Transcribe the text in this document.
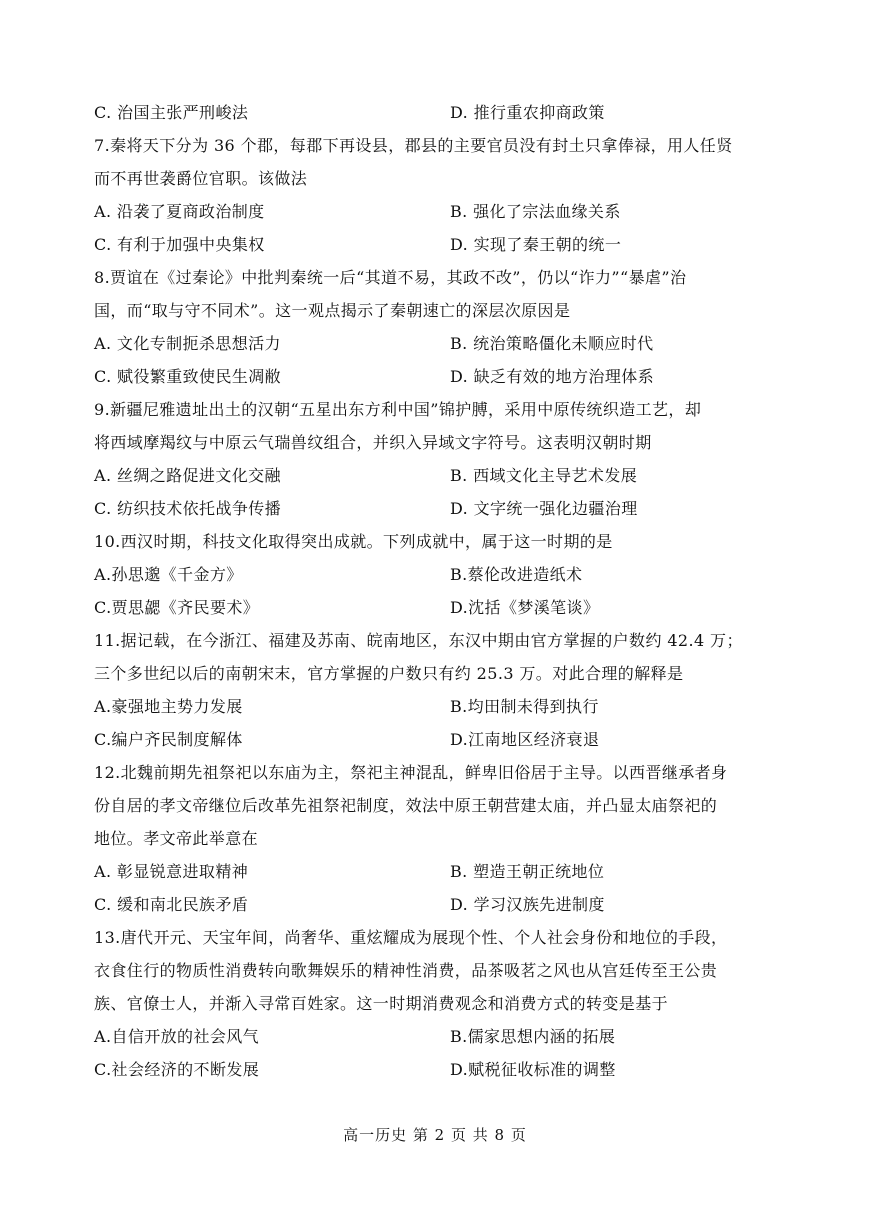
C. 治国主张严刑峻法	D. 推行重农抑商政策
7.秦将天下分为 36 个郡，每郡下再设县，郡县的主要官员没有封土只拿俸禄，用人任贤
而不再世袭爵位官职。该做法
A. 沿袭了夏商政治制度	B. 强化了宗法血缘关系
C. 有利于加强中央集权	D. 实现了秦王朝的统一
8.贾谊在《过秦论》中批判秦统一后“其道不易，其政不改”，仍以“诈力”“暴虐”治
国，而“取与守不同术”。这一观点揭示了秦朝速亡的深层次原因是
A. 文化专制扼杀思想活力	B. 统治策略僵化未顺应时代
C. 赋役繁重致使民生凋敝	D. 缺乏有效的地方治理体系
9.新疆尼雅遗址出土的汉朝“五星出东方利中国”锦护膊，采用中原传统织造工艺，却
将西域摩羯纹与中原云气瑞兽纹组合，并织入异域文字符号。这表明汉朝时期
A. 丝绸之路促进文化交融	B. 西域文化主导艺术发展
C. 纺织技术依托战争传播	D. 文字统一强化边疆治理
10.西汉时期，科技文化取得突出成就。下列成就中，属于这一时期的是
A.孙思邈《千金方》	B.蔡伦改进造纸术
C.贾思勰《齐民要术》	D.沈括《梦溪笔谈》
11.据记载，在今浙江、福建及苏南、皖南地区，东汉中期由官方掌握的户数约 42.4 万；
三个多世纪以后的南朝宋末，官方掌握的户数只有约 25.3 万。对此合理的解释是
A.豪强地主势力发展	B.均田制未得到执行
C.编户齐民制度解体	D.江南地区经济衰退
12.北魏前期先祖祭祀以东庙为主，祭祀主神混乱，鲜卑旧俗居于主导。以西晋继承者身
份自居的孝文帝继位后改革先祖祭祀制度，效法中原王朝营建太庙，并凸显太庙祭祀的
地位。孝文帝此举意在
A. 彰显锐意进取精神	B. 塑造王朝正统地位
C. 缓和南北民族矛盾	D. 学习汉族先进制度
13.唐代开元、天宝年间，尚奢华、重炫耀成为展现个性、个人社会身份和地位的手段，
衣食住行的物质性消费转向歌舞娱乐的精神性消费，品茶吸茗之风也从宫廷传至王公贵
族、官僚士人，并渐入寻常百姓家。这一时期消费观念和消费方式的转变是基于
A.自信开放的社会风气	B.儒家思想内涵的拓展
C.社会经济的不断发展	D.赋税征收标准的调整
高一历史 第 2 页 共 8 页
